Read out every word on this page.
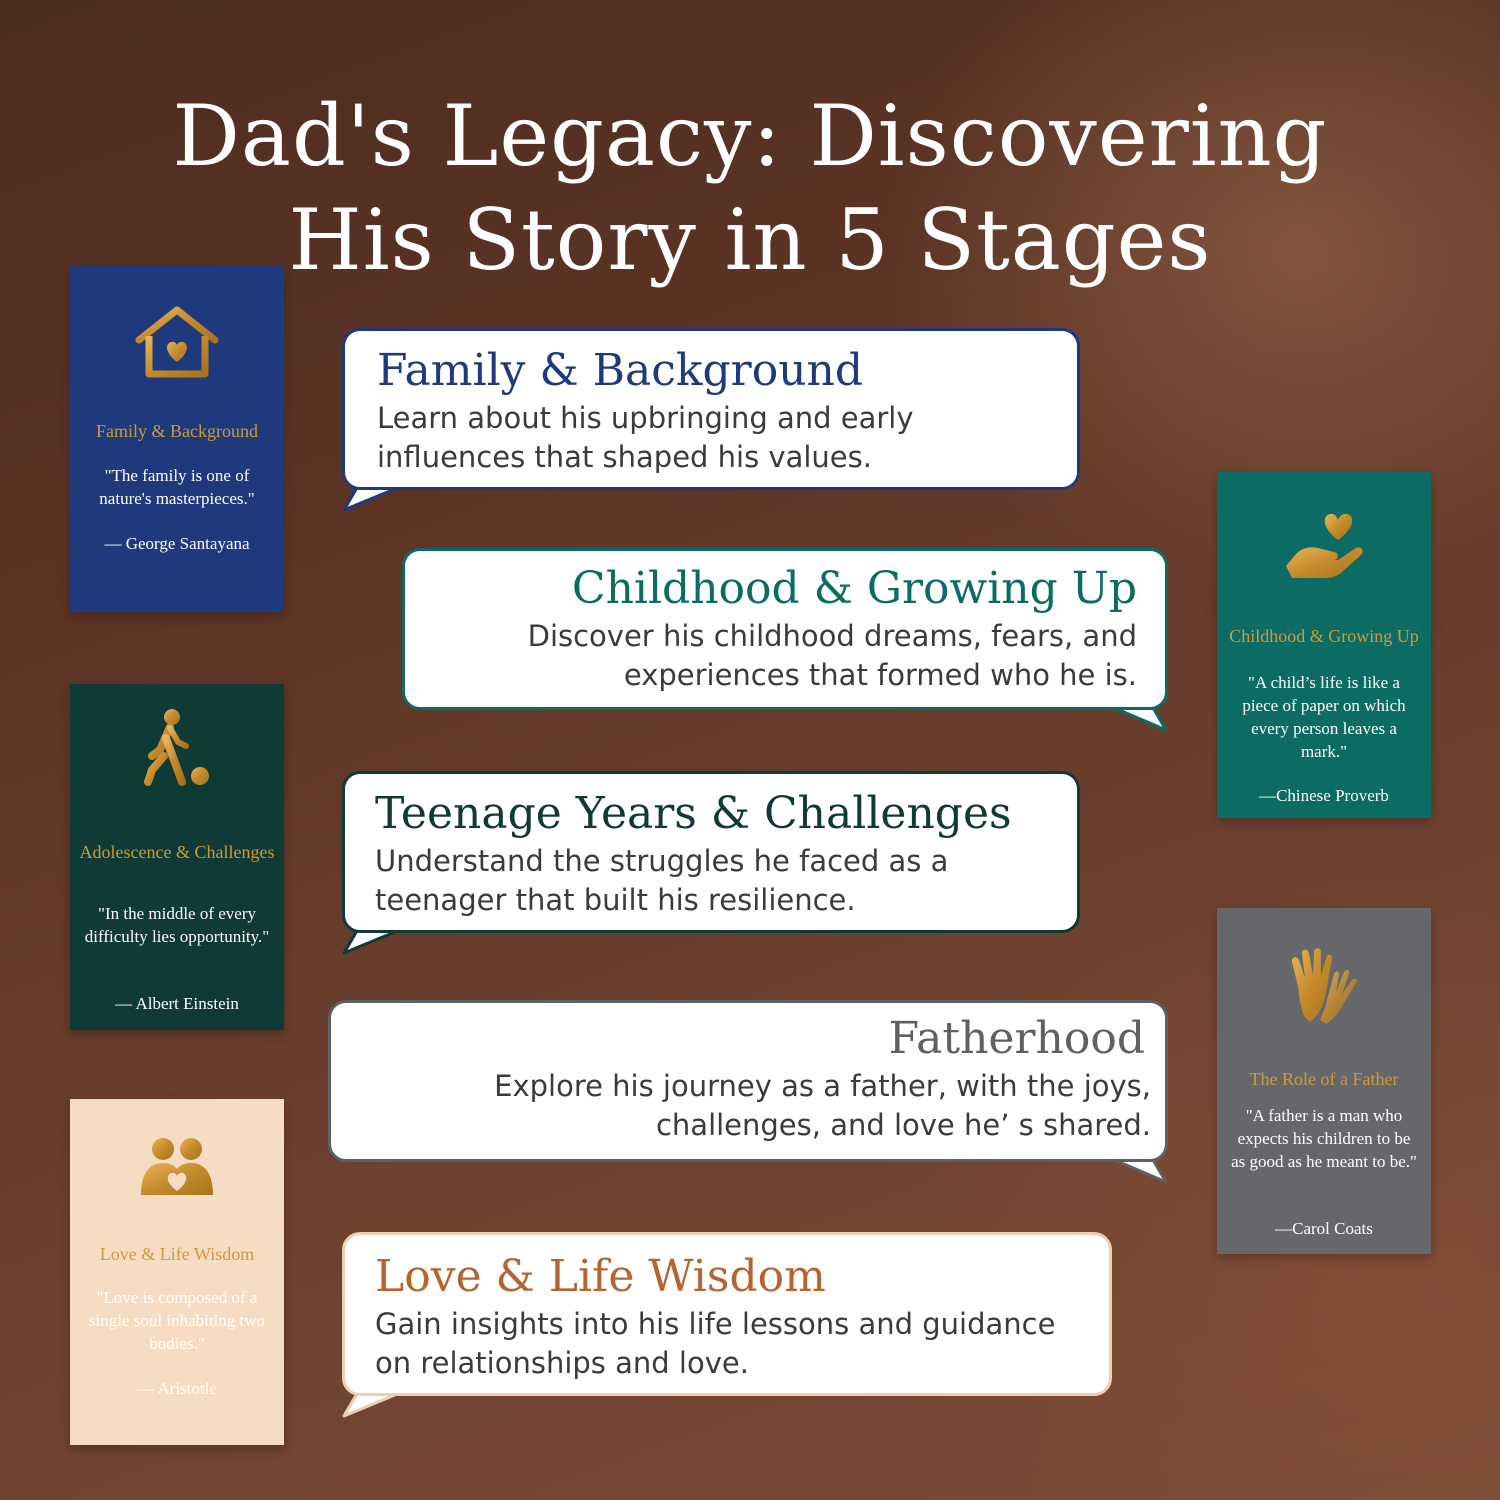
Dad's Legacy: Discovering
His Story in 5 Stages
Family & Background
"The family is one of nature's masterpieces."
— George Santayana
Adolescence & Challenges
"In the middle of every difficulty lies opportunity."
— Albert Einstein
Love & Life Wisdom
"Love is composed of a single soul inhabiting two bodies."
— Aristotle
Childhood & Growing Up
"A child’s life is like a piece of paper on which every person leaves a mark."
—Chinese Proverb
The Role of a Father
"A father is a man who expects his children to be as good as he meant to be."
—Carol Coats
Family & Background
Learn about his upbringing and early
influences that shaped his values.
Childhood & Growing Up
Discover his childhood dreams, fears, and
experiences that formed who he is.
Teenage Years & Challenges
Understand the struggles he faced as a
teenager that built his resilience.
Fatherhood
Explore his journey as a father, with the joys,
challenges, and love he’ s shared.
Love & Life Wisdom
Gain insights into his life lessons and guidance
on relationships and love.
